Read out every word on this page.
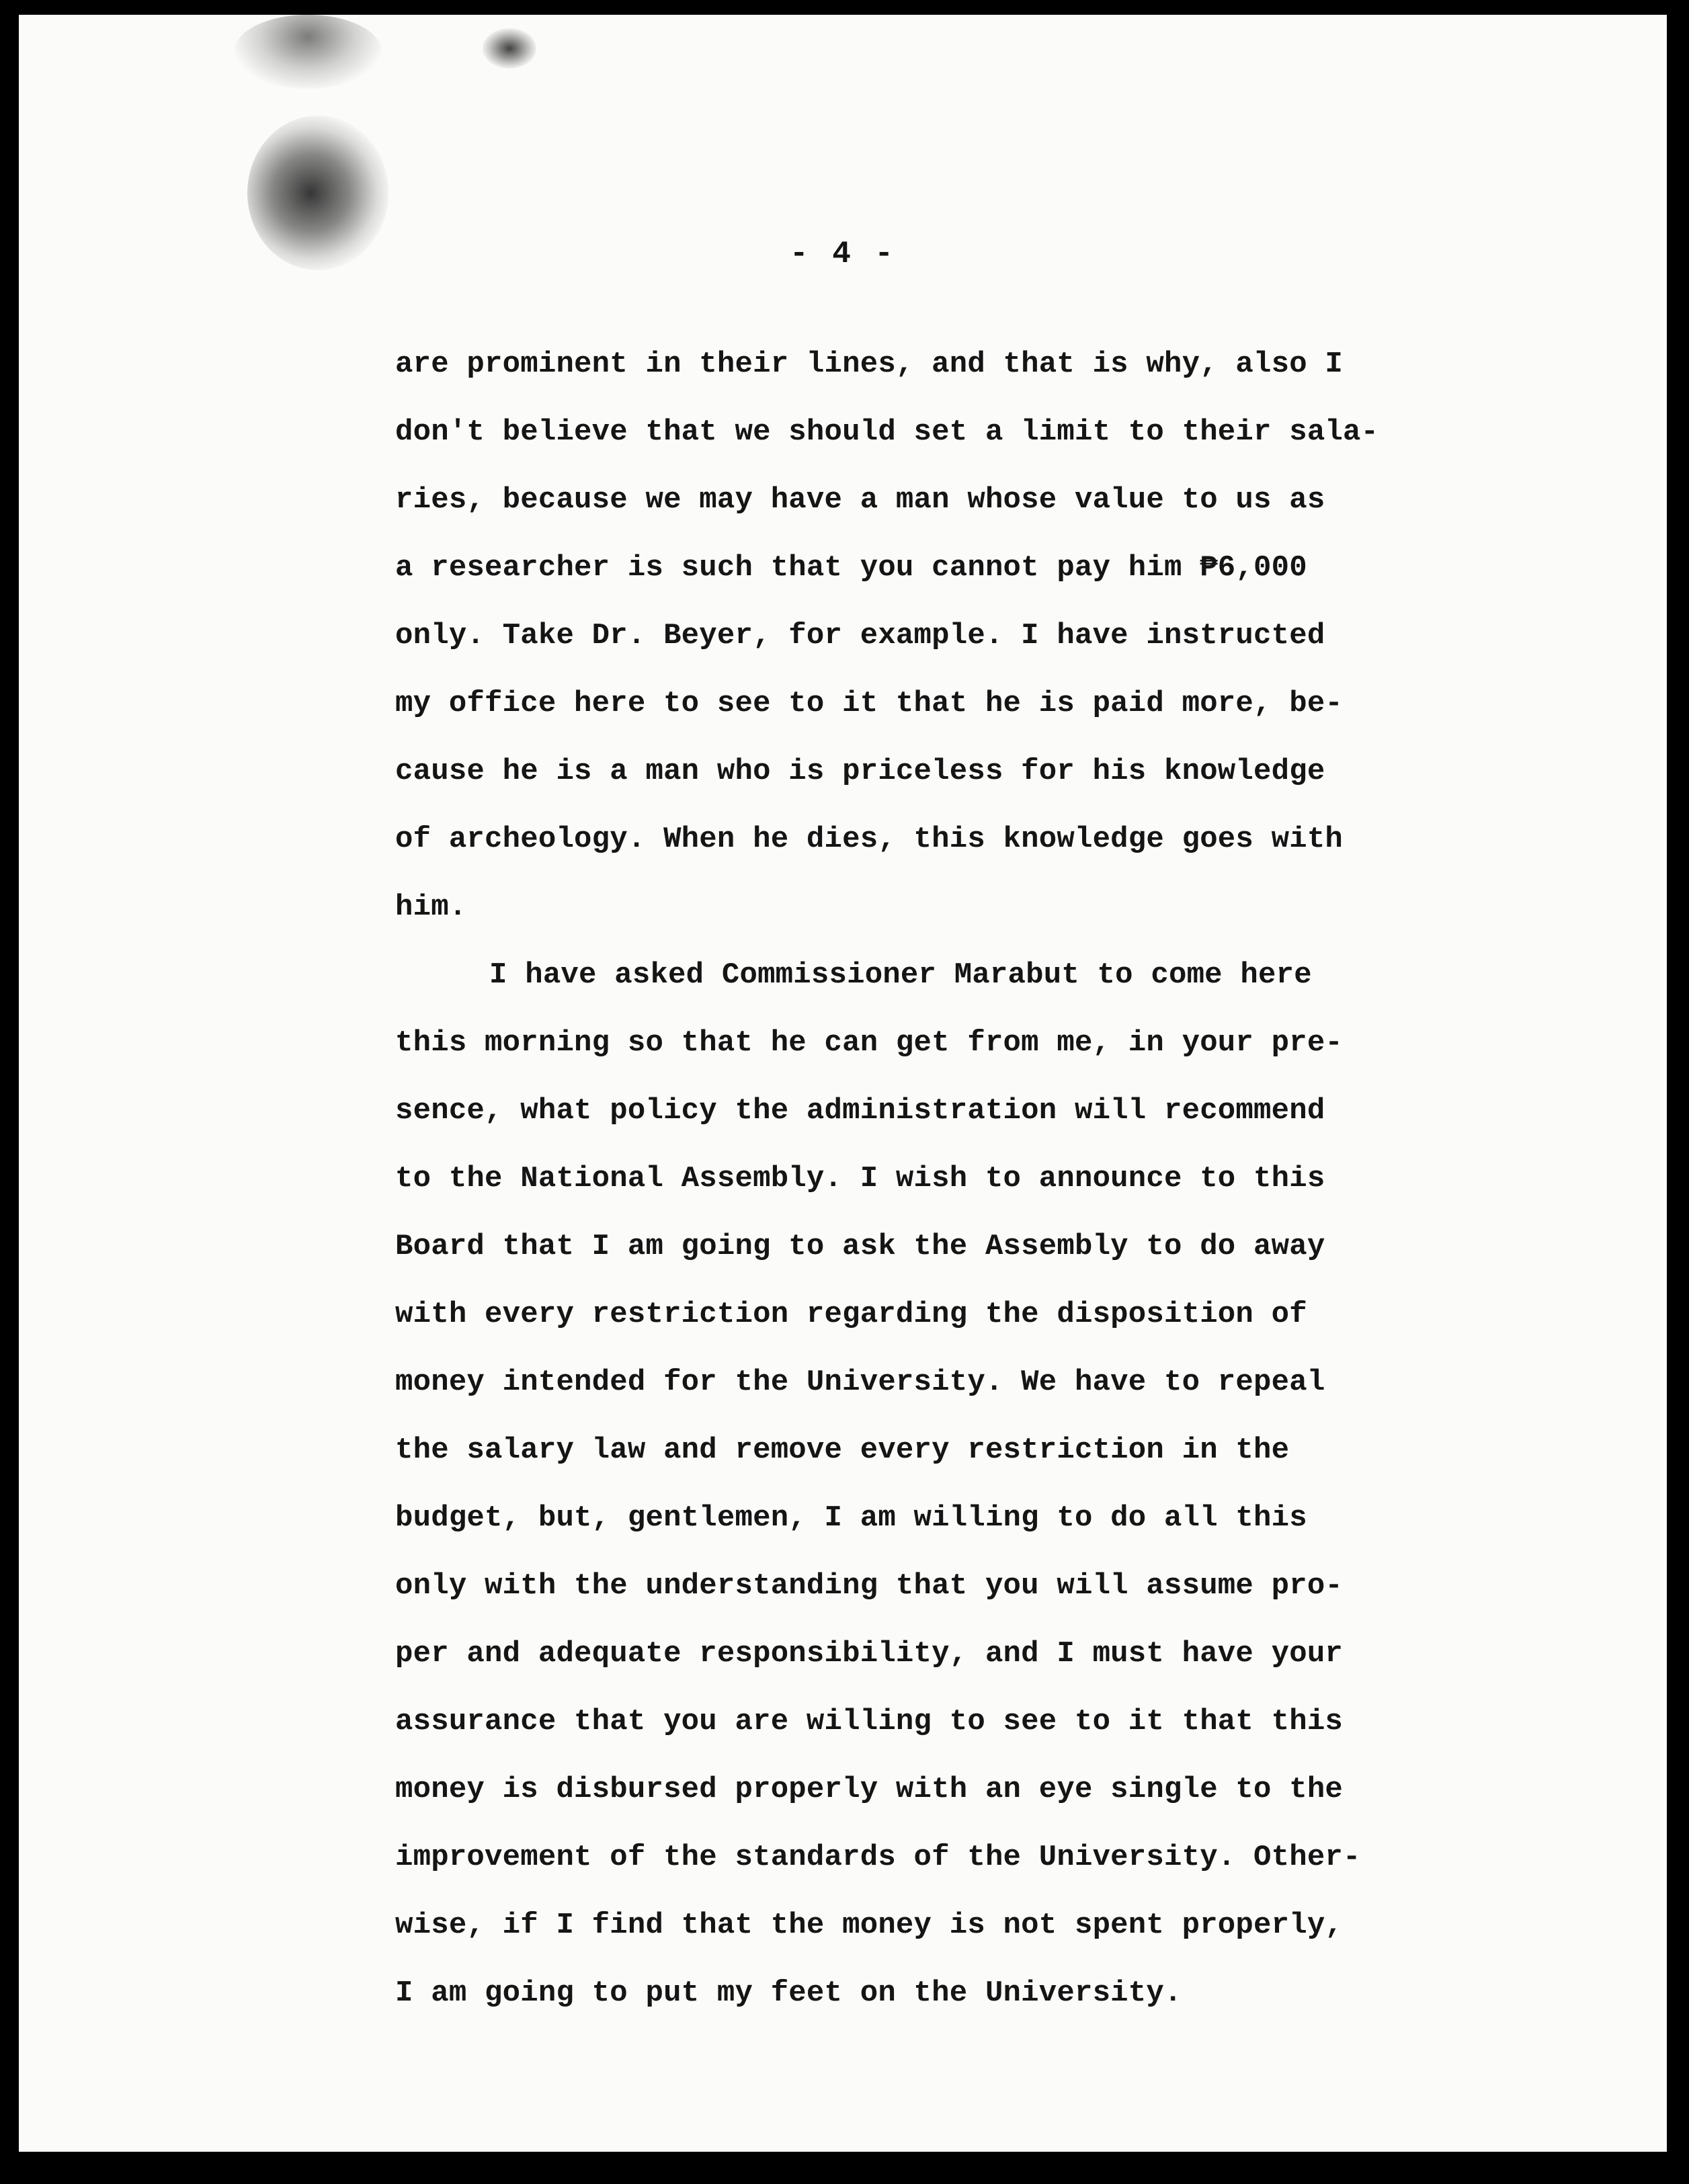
- 4 -
are prominent in their lines, and that is why, also I
don't believe that we should set a limit to their sala-
ries, because we may have a man whose value to us as
a researcher is such that you cannot pay him ₱6,000
only. Take Dr. Beyer, for example. I have instructed
my office here to see to it that he is paid more, be-
cause he is a man who is priceless for his knowledge
of archeology. When he dies, this knowledge goes with
him.
I have asked Commissioner Marabut to come here
this morning so that he can get from me, in your pre-
sence, what policy the administration will recommend
to the National Assembly. I wish to announce to this
Board that I am going to ask the Assembly to do away
with every restriction regarding the disposition of
money intended for the University. We have to repeal
the salary law and remove every restriction in the
budget, but, gentlemen, I am willing to do all this
only with the understanding that you will assume pro-
per and adequate responsibility, and I must have your
assurance that you are willing to see to it that this
money is disbursed properly with an eye single to the
improvement of the standards of the University. Other-
wise, if I find that the money is not spent properly,
I am going to put my feet on the University.
